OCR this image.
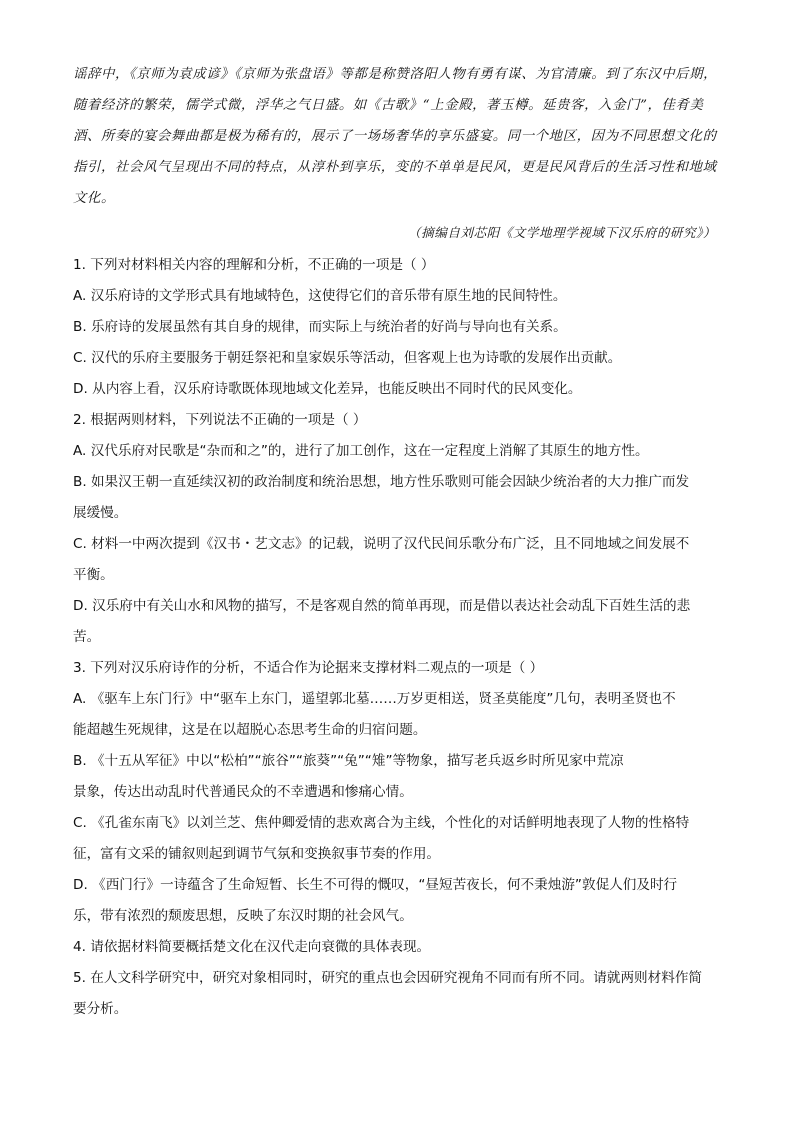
谣辞中，《京师为袁成谚》《京师为张盘语》等都是称赞洛阳人物有勇有谋、为官清廉。到了东汉中后期，
随着经济的繁荣，儒学式微，浮华之气日盛。如《古歌》“上金殿，著玉樽。延贵客，入金门”，佳肴美
酒、所奏的宴会舞曲都是极为稀有的，展示了一场场奢华的享乐盛宴。同一个地区，因为不同思想文化的
指引，社会风气呈现出不同的特点，从淳朴到享乐，变的不单单是民风，更是民风背后的生活习性和地域
文化。
（摘编自刘芯阳《文学地理学视域下汉乐府的研究》）

1. 下列对材料相关内容的理解和分析，不正确的一项是（ ）

A. 汉乐府诗的文学形式具有地域特色，这使得它们的音乐带有原生地的民间特性。

B. 乐府诗的发展虽然有其自身的规律，而实际上与统治者的好尚与导向也有关系。

C. 汉代的乐府主要服务于朝廷祭祀和皇家娱乐等活动，但客观上也为诗歌的发展作出贡献。

D. 从内容上看，汉乐府诗歌既体现地域文化差异，也能反映出不同时代的民风变化。

2. 根据两则材料，下列说法不正确的一项是（ ）

A. 汉代乐府对民歌是“杂而和之”的，进行了加工创作，这在一定程度上消解了其原生的地方性。

B. 如果汉王朝一直延续汉初的政治制度和统治思想，地方性乐歌则可能会因缺少统治者的大力推广而发

展缓慢。

C. 材料一中两次提到《汉书・艺文志》的记载，说明了汉代民间乐歌分布广泛，且不同地域之间发展不

平衡。

D. 汉乐府中有关山水和风物的描写，不是客观自然的简单再现，而是借以表达社会动乱下百姓生活的悲

苦。

3. 下列对汉乐府诗作的分析，不适合作为论据来支撑材料二观点的一项是（ ）

A. 《驱车上东门行》中“驱车上东门，遥望郭北墓……万岁更相送，贤圣莫能度”几句，表明圣贤也不

能超越生死规律，这是在以超脱心态思考生命的归宿问题。

B. 《十五从军征》中以“松柏”“旅谷”“旅葵”“兔”“雉”等物象，描写老兵返乡时所见家中荒凉

景象，传达出动乱时代普通民众的不幸遭遇和惨痛心情。

C. 《孔雀东南飞》以刘兰芝、焦仲卿爱情的悲欢离合为主线，个性化的对话鲜明地表现了人物的性格特

征，富有文采的铺叙则起到调节气氛和变换叙事节奏的作用。

D. 《西门行》一诗蕴含了生命短暂、长生不可得的慨叹，“昼短苦夜长，何不秉烛游”敦促人们及时行

乐，带有浓烈的颓废思想，反映了东汉时期的社会风气。

4. 请依据材料简要概括楚文化在汉代走向衰微的具体表现。

5. 在人文科学研究中，研究对象相同时，研究的重点也会因研究视角不同而有所不同。请就两则材料作简

要分析。
